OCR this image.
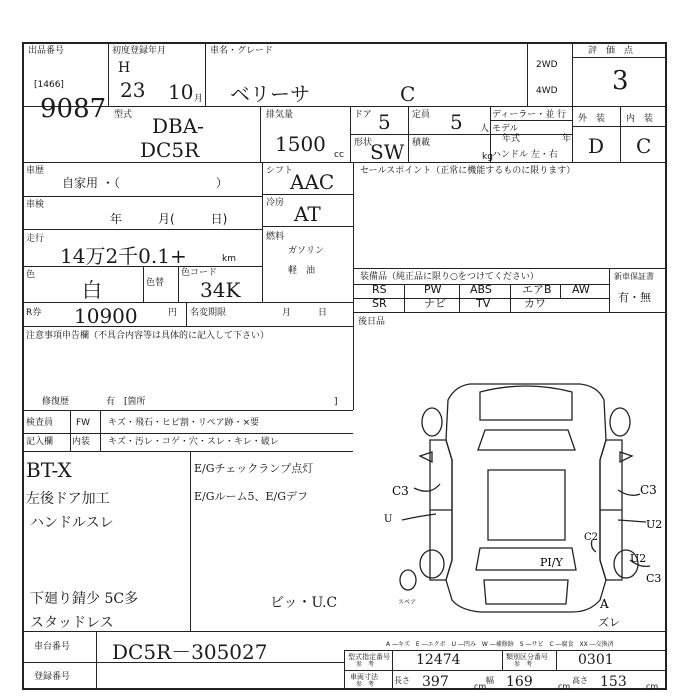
出品番号
[1466]
9087
初度登録年月
H
23 10 月
車名・グレード
ベリーサ	C
2WD
4WD
評　価　点
3
外　装 内　装
D C
型式 DBA-
DC5R
排気量
1500 cc
ドア 5 定員 5 人
ディーラー・並 行
モデル
年式	年
形状
SW 積載
kg ハンドル 左・右
車歴
自家用 ・（　　　　　　　　）
車検
年　　　月(　　　日)
走行
14万2千0.1+	km
色
白	色替
色コード
34K
R券 10900	円 名変期限	月　　　日
シフト
AAC
冷房 AT
燃料
ガソリン
軽　油
セールスポイント（正常に機能するものに限ります）
装備品（純正品に限り○をつけてください）
RS	PW	ABS	エアB AW
SR	ナビ	TV	カワ
新車保証書
有・無
後日品
注意事項申告欄（不具合内容等は具体的に記入して下さい）
修復歴	有　[箇所	]
検査員
記入欄
FW キズ・飛石・ヒビ割・リペア跡・×要
内装 キズ・汚レ・コゲ・穴・スレ・キレ・破レ
BT-X
左後ドア加工
ハンドルスレ
下廻り錆少 5C多
スタッドレス
E/Gチェックランプ点灯
E/Gルーム5、E/Gデフ
ビッ・U.C
C3
U
C3
U2
U2
C2
PI/Y
C3
A
ズレ
スペア
A ―キズ　E ―エクボ　U ―凹み　W ―補修跡　S ―サビ　C ―腐食　XX ―交換済
車台番号 DC5R－305027
登録番号
型式指定番号
参　考	12474	類別区分番号
参　考	0301
車両寸法
参　考 長さ 397	cm
幅 169	cm
高さ 153 cm
